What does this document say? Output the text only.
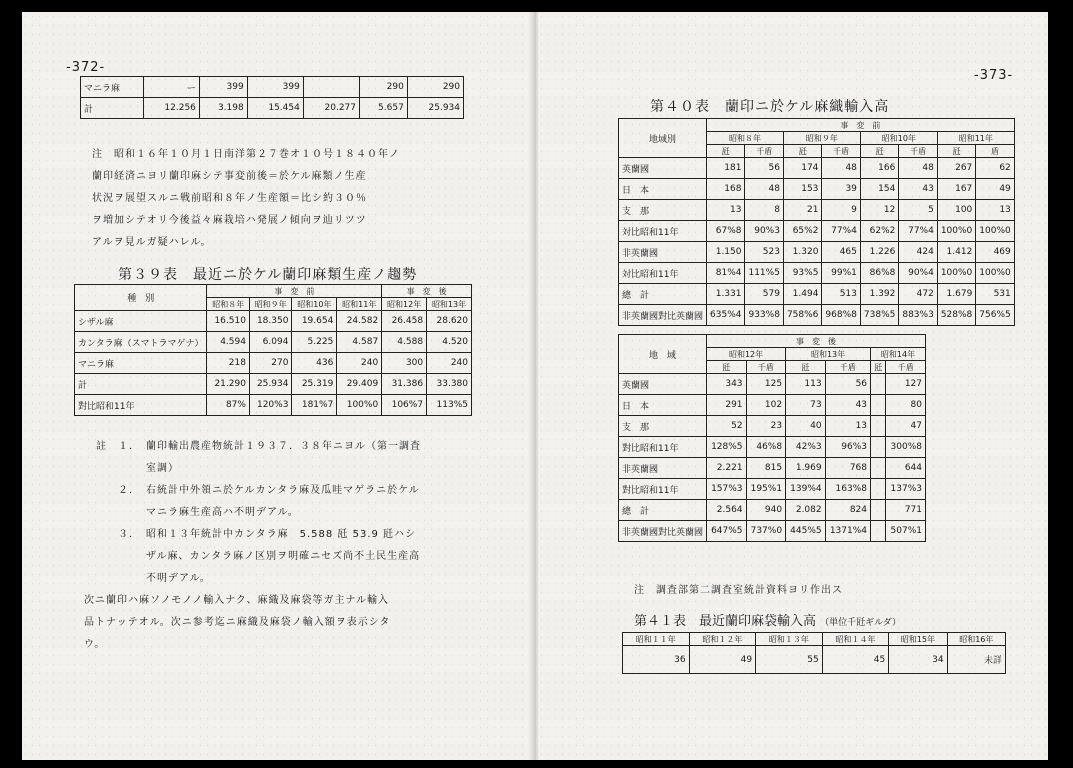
-372-
マニラ麻	ー	399	399		290	290
計	12.256	3.198	15.454	20.277	5.657	25.934
注　昭和１６年１０月１日南洋第２７巻オ１０号１８４０年ノ
蘭印経済ニヨリ蘭印麻シテ事変前後＝於ケル麻類ノ生産
状況ヲ展望スルニ戦前昭和８年ノ生産額＝比シ約３０％
ヲ増加シテオリ今後益々麻栽培ハ発展ノ傾向ヲ辿リツツ
アルヲ見ルガ疑ハレル。
第３９表　最近ニ於ケル蘭印麻類生産ノ趨勢
種　別	事　変　前				事　変　後	
	昭和８年	昭和９年	昭和10年	昭和11年	昭和12年	昭和13年
シザル麻	16.510	18.350	19.654	24.582	26.458	28.620
カンタラ麻（スマトラマゲナ）	4.594	6.094	5.225	4.587	4.588	4.520
マニラ麻	218	270	436	240	300	240
計	21.290	25.934	25.319	29.409	31.386	33.380
對比昭和11年	87%	120%3	181%7	100%0	106%7	113%5
註　１． 蘭印輸出農産物統計１９３７．３８年ニヨル（第一調査
室調）
２． 右統計中外領ニ於ケルカンタラ麻及瓜哇マゲラニ於ケル
マニラ麻生産高ハ不明デアル。
３． 昭和１３年統計中カンタラ麻　5.588 瓩 53.9 瓩ハシ
ザル麻、カンタラ麻ノ区別ヲ明確ニセズ尚不土民生産高
不明デアル。
次ニ蘭印ハ麻ソノモノノ輸入ナク、麻織及麻袋等ガ主ナル輸入
品トナッテオル。次ニ参考迄ニ麻織及麻袋ノ輸入額ヲ表示シタ
ウ。
-373-
第４０表　蘭印ニ於ケル麻織輸入高
地域別	事　変　前							
	昭和８年		昭和９年		昭和10年		昭和11年	
	瓩	千盾	瓩	千盾	瓩	千盾	瓩	盾
英蘭國	181	56	174	48	166	48	267	62
日　本	168	48	153	39	154	43	167	49
支　那	13	8	21	9	12	5	100	13
対比昭和11年	67%8	90%3	65%2	77%4	62%2	77%4	100%0	100%0
非英蘭國	1.150	523	1.320	465	1.226	424	1.412	469
対比昭和11年	81%4	111%5	93%5	99%1	86%8	90%4	100%0	100%0
總　計	1.331	579	1.494	513	1.392	472	1.679	531
非英蘭國對比英蘭國	635%4	933%8	758%6	968%8	738%5	883%3	528%8	756%5
地　域	事　変　後					
	昭和12年		昭和13年		昭和14年	
	瓩	千盾	瓩	千盾	瓩	千盾
英蘭國	343	125	113	56		127
日　本	291	102	73	43		80
支　那	52	23	40	13		47
對比昭和11年	128%5	46%8	42%3	96%3		300%8
非英蘭國	2.221	815	1.969	768		644
對比昭和11年	157%3	195%1	139%4	163%8		137%3
總　計	2.564	940	2.082	824		771
非英蘭國對比英蘭國	647%5	737%0	445%5	1371%4		507%1
注　調査部第二調査室統計資料ヨリ作出ス
第４１表　最近蘭印麻袋輸入高 （単位千瓩ギルダ）
昭和１１年	昭和１２年	昭和１３年	昭和１４年	昭和15年	昭和16年
36	49	55	45	34	未詳
